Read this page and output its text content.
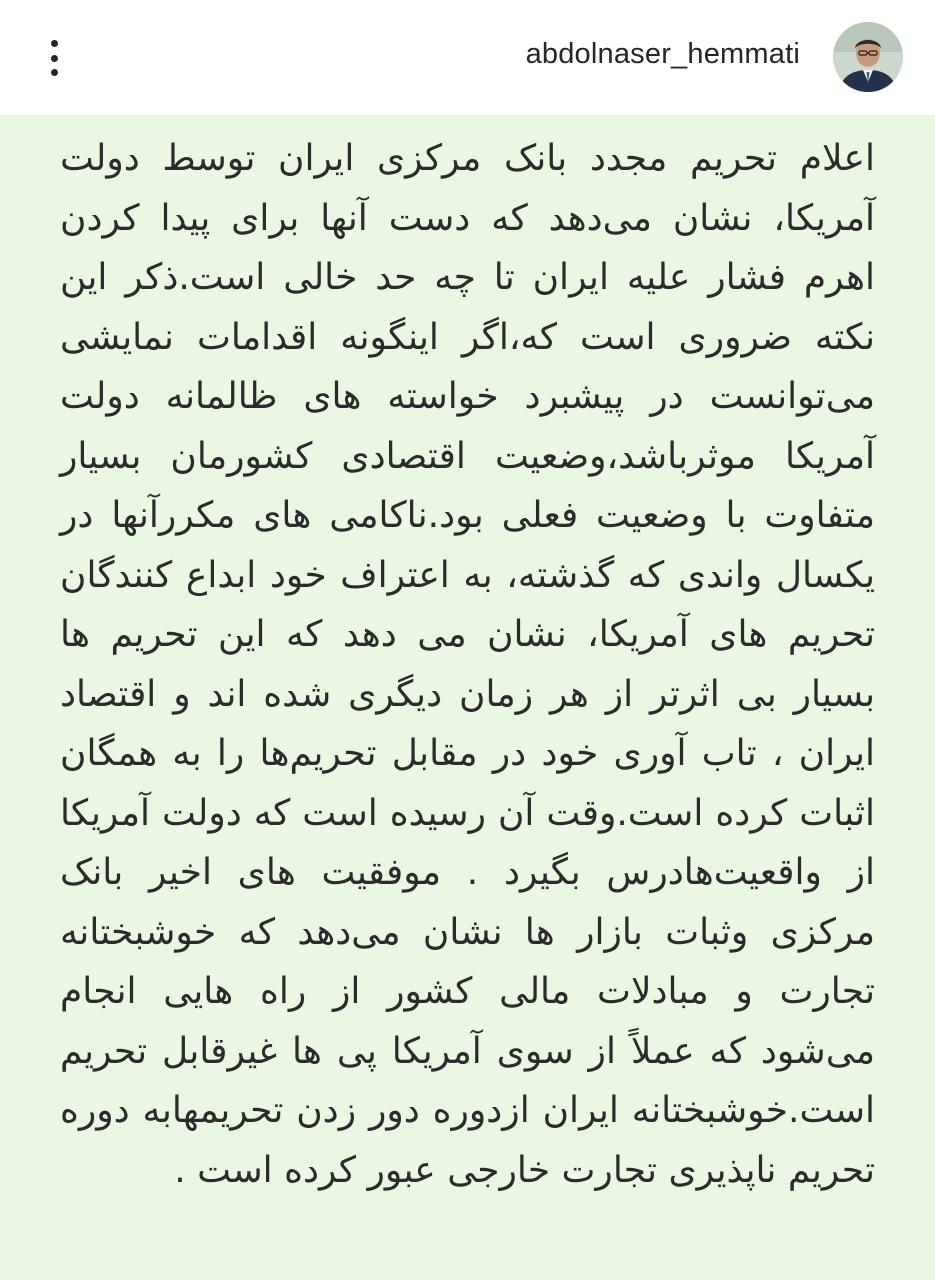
abdolnaser_hemmati

اعلام تحریم مجدد بانک مرکزی ایران توسط دولت آمریکا، نشان می‌دهد که دست آنها برای پیدا کردن اهرم فشار علیه ایران تا چه حد خالی است.ذکر این نکته ضروری است که،اگر اینگونه اقدامات نمایشی می‌توانست در پیشبرد خواسته های ظالمانه دولت آمریکا موثرباشد،وضعیت اقتصادی کشورمان بسیار متفاوت با وضعیت فعلی بود.ناکامی های مکررآنها در یکسال واندی که گذشته، به اعتراف خود ابداع کنندگان تحریم های آمریکا، نشان می دهد که این تحریم ها بسیار بی اثرتر از هر زمان دیگری شده اند و اقتصاد ایران ، تاب آوری خود در مقابل تحریم‌ها را به همگان اثبات کرده است.وقت آن رسیده است که دولت آمریکا از واقعیت‌هادرس بگیرد . موفقیت های اخیر بانک مرکزی وثبات بازار ها نشان می‌دهد که خوشبختانه تجارت و مبادلات مالی کشور از راه هایی انجام می‌شود که عملاً از سوی آمریکا پی ها غیرقابل تحریم است.خوشبختانه ایران ازدوره دور زدن تحریمهابه دوره تحریم ناپذیری تجارت خارجی عبور کرده است .
